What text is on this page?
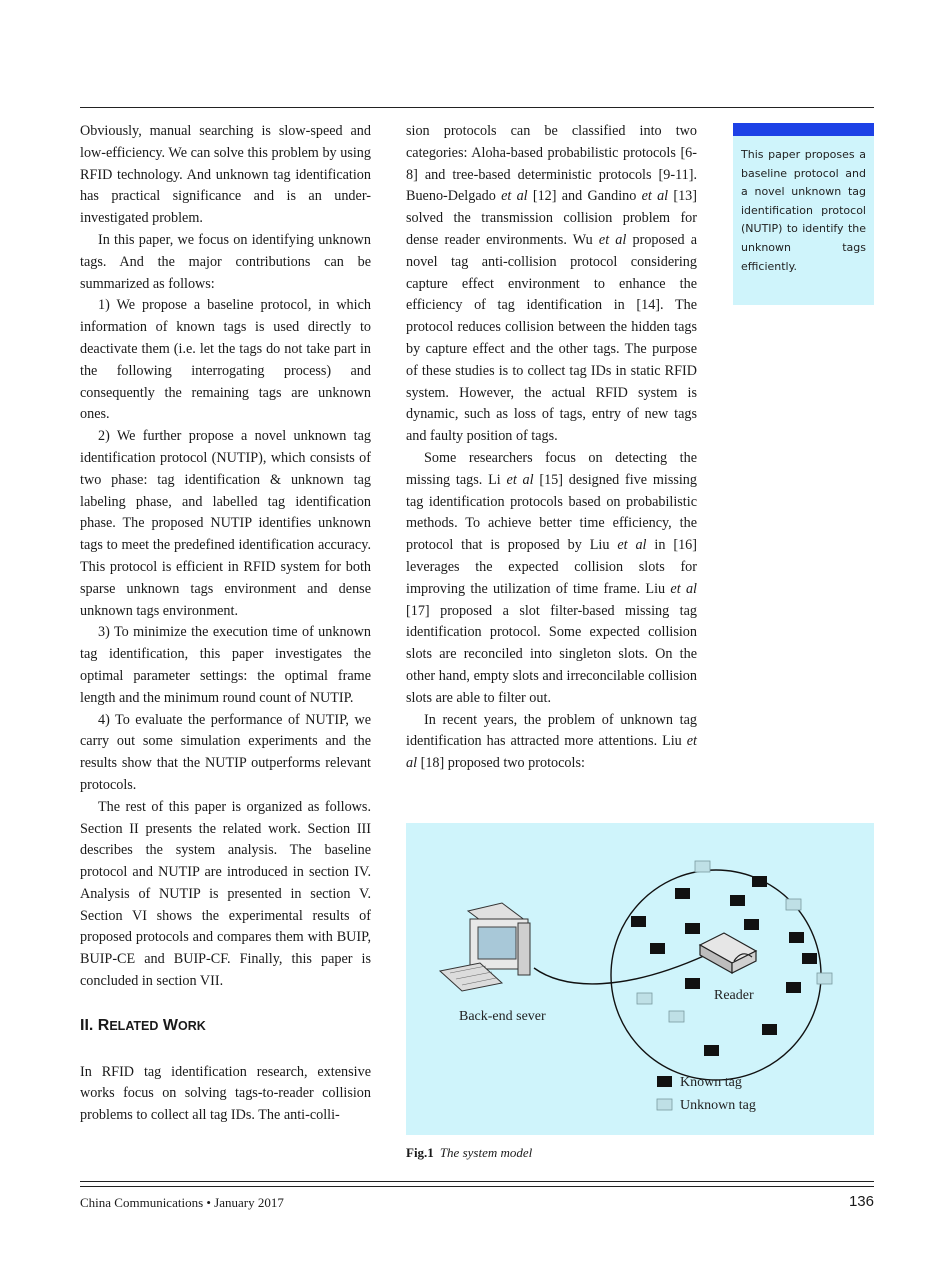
Obviously, manual searching is slow-speed and low-efficiency. We can solve this problem by using RFID technology. And unknown tag identification has practical significance and is an under-investigated problem.

In this paper, we focus on identifying unknown tags. And the major contributions can be summarized as follows:

1) We propose a baseline protocol, in which information of known tags is used directly to deactivate them (i.e. let the tags do not take part in the following interrogating process) and consequently the remaining tags are unknown ones.

2) We further propose a novel unknown tag identification protocol (NUTIP), which consists of two phase: tag identification & unknown tag labeling phase, and labelled tag identification phase. The proposed NUTIP identifies unknown tags to meet the predefined identification accuracy. This protocol is efficient in RFID system for both sparse unknown tags environment and dense unknown tags environment.

3) To minimize the execution time of unknown tag identification, this paper investigates the optimal parameter settings: the optimal frame length and the minimum round count of NUTIP.

4) To evaluate the performance of NUTIP, we carry out some simulation experiments and the results show that the NUTIP outperforms relevant protocols.

The rest of this paper is organized as follows. Section II presents the related work. Section III describes the system analysis. The baseline protocol and NUTIP are introduced in section IV. Analysis of NUTIP is presented in section V. Section VI shows the experimental results of proposed protocols and compares them with BUIP, BUIP-CE and BUIP-CF. Finally, this paper is concluded in section VII.

II. RELATED WORK

In RFID tag identification research, extensive works focus on solving tags-to-reader collision problems to collect all tag IDs. The anti-colli-

sion protocols can be classified into two categories: Aloha-based probabilistic protocols [6-8] and tree-based deterministic protocols [9-11]. Bueno-Delgado et al [12] and Gandino et al [13] solved the transmission collision problem for dense reader environments. Wu et al proposed a novel tag anti-collision protocol considering capture effect environment to enhance the efficiency of tag identification in [14]. The protocol reduces collision between the hidden tags by capture effect and the other tags. The purpose of these studies is to collect tag IDs in static RFID system. However, the actual RFID system is dynamic, such as loss of tags, entry of new tags and faulty position of tags.

Some researchers focus on detecting the missing tags. Li et al [15] designed five missing tag identification protocols based on probabilistic methods. To achieve better time efficiency, the protocol that is proposed by Liu et al in [16] leverages the expected collision slots for improving the utilization of time frame. Liu et al [17] proposed a slot filter-based missing tag identification protocol. Some expected collision slots are reconciled into singleton slots. On the other hand, empty slots and irreconcilable collision slots are able to filter out.

In recent years, the problem of unknown tag identification has attracted more attentions. Liu et al [18] proposed two protocols:

This paper proposes a baseline protocol and a novel unknown tag identification protocol (NUTIP) to identify the unknown tags efficiently.
Back-end sever
Reader
Known tag
Unknown tag
Fig.1 The system model
China Communications • January 2017	136
